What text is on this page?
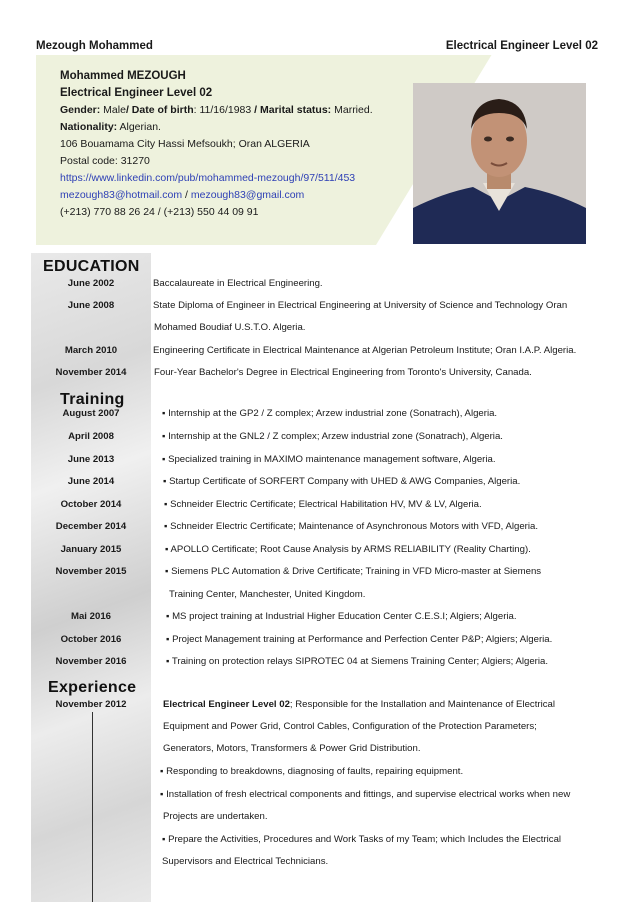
Mezough Mohammed	Electrical Engineer Level 02
Mohammed MEZOUGH
Electrical Engineer Level 02
Gender: Male/ Date of birth: 11/16/1983 / Marital status: Married.
Nationality: Algerian.
106 Bouamama City Hassi Mefsoukh; Oran ALGERIA
Postal code: 31270
https://www.linkedin.com/pub/mohammed-mezough/97/511/453
mezough83@hotmail.com / mezough83@gmail.com
(+213) 770 88 26 24 / (+213) 550 44 09 91
EDUCATION
June 2002	Baccalaureate in Electrical Engineering.
June 2008	State Diploma of Engineer in Electrical Engineering at University of Science and Technology Oran
Mohamed Boudiaf U.S.T.O. Algeria.
March 2010	Engineering Certificate in Electrical Maintenance at Algerian Petroleum Institute; Oran I.A.P. Algeria.
November 2014	Four-Year Bachelor's Degree in Electrical Engineering from Toronto's University, Canada.
Training
August 2007	▪ Internship at the GP2 / Z complex; Arzew industrial zone (Sonatrach), Algeria.
April 2008	▪ Internship at the GNL2 / Z complex; Arzew industrial zone (Sonatrach), Algeria.
June 2013	▪ Specialized training in MAXIMO maintenance management software, Algeria.
June 2014	▪ Startup Certificate of SORFERT Company with UHED & AWG Companies, Algeria.
October 2014	▪ Schneider Electric Certificate; Electrical Habilitation HV, MV & LV, Algeria.
December 2014	▪ Schneider Electric Certificate; Maintenance of Asynchronous Motors with VFD, Algeria.
January 2015	▪ APOLLO Certificate; Root Cause Analysis by ARMS RELIABILITY (Reality Charting).
November 2015	▪ Siemens PLC Automation & Drive Certificate; Training in VFD Micro-master at Siemens
Training Center, Manchester, United Kingdom.
Mai 2016	▪ MS project training at Industrial Higher Education Center C.E.S.I; Algiers; Algeria.
October 2016	▪ Project Management training at Performance and Perfection Center P&P; Algiers; Algeria.
November 2016	▪ Training on protection relays SIPROTEC 04 at Siemens Training Center; Algiers; Algeria.
Experience
November 2012	Electrical Engineer Level 02; Responsible for the Installation and Maintenance of Electrical
Equipment and Power Grid, Control Cables, Configuration of the Protection Parameters;
Generators, Motors, Transformers & Power Grid Distribution.
▪ Responding to breakdowns, diagnosing of faults, repairing equipment.
▪ Installation of fresh electrical components and fittings, and supervise electrical works when new
Projects are undertaken.
▪ Prepare the Activities, Procedures and Work Tasks of my Team; which Includes the Electrical
Supervisors and Electrical Technicians.
